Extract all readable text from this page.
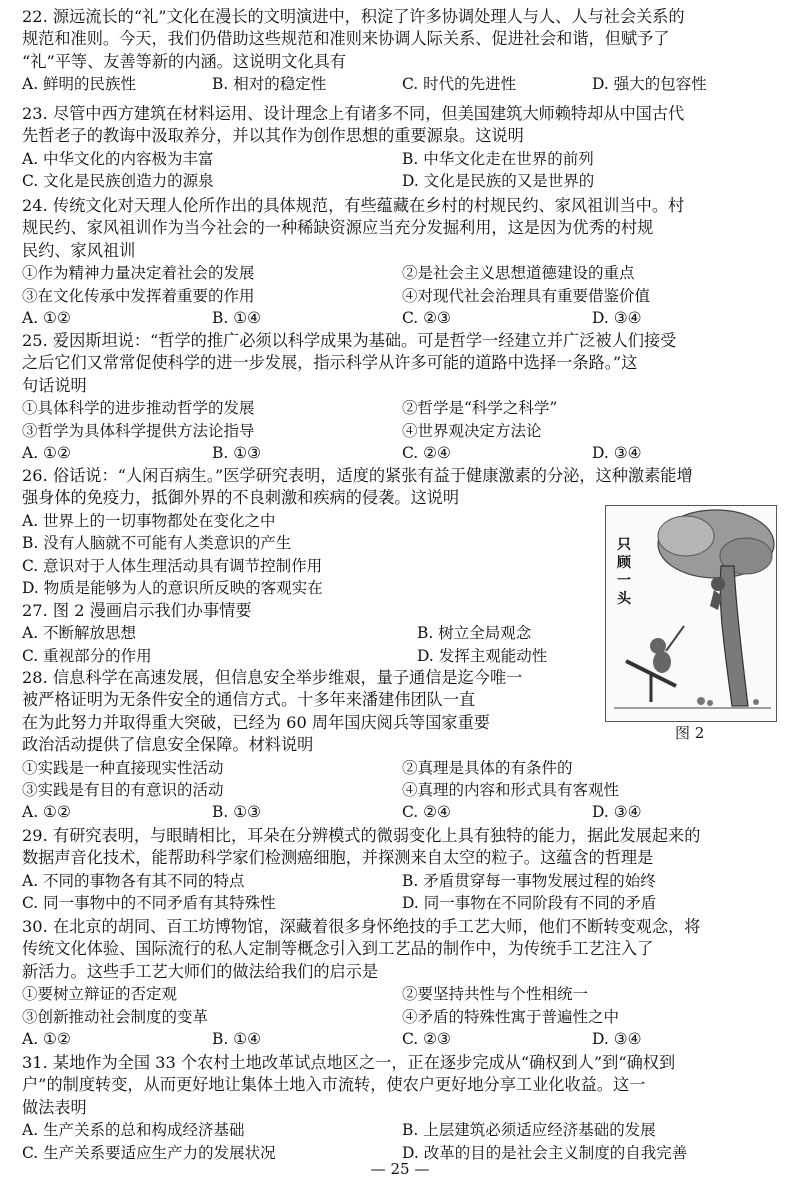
22. 源远流长的“礼”文化在漫长的文明演进中，积淀了许多协调处理人与人、人与社会关系的
规范和准则。今天，我们仍借助这些规范和准则来协调人际关系、促进社会和谐，但赋予了
“礼”平等、友善等新的内涵。这说明文化具有
A. 鲜明的民族性	B. 相对的稳定性	C. 时代的先进性	D. 强大的包容性
23. 尽管中西方建筑在材料运用、设计理念上有诸多不同，但美国建筑大师赖特却从中国古代
先哲老子的教诲中汲取养分，并以其作为创作思想的重要源泉。这说明
A. 中华文化的内容极为丰富	B. 中华文化走在世界的前列
C. 文化是民族创造力的源泉	D. 文化是民族的又是世界的
24. 传统文化对天理人伦所作出的具体规范，有些蕴藏在乡村的村规民约、家风祖训当中。村
规民约、家风祖训作为当今社会的一种稀缺资源应当充分发掘利用，这是因为优秀的村规
民约、家风祖训
①作为精神力量决定着社会的发展	②是社会主义思想道德建设的重点
③在文化传承中发挥着重要的作用	④对现代社会治理具有重要借鉴价值
A. ①②	B. ①④	C. ②③	D. ③④
25. 爱因斯坦说：“哲学的推广必须以科学成果为基础。可是哲学一经建立并广泛被人们接受
之后它们又常常促使科学的进一步发展，指示科学从许多可能的道路中选择一条路。”这
句话说明
①具体科学的进步推动哲学的发展	②哲学是“科学之科学”
③哲学为具体科学提供方法论指导	④世界观决定方法论
A. ①②	B. ①③	C. ②④	D. ③④
26. 俗话说：“人闲百病生。”医学研究表明，适度的紧张有益于健康激素的分泌，这种激素能增
强身体的免疫力，抵御外界的不良刺激和疾病的侵袭。这说明
A. 世界上的一切事物都处在变化之中
B. 没有人脑就不可能有人类意识的产生
C. 意识对于人体生理活动具有调节控制作用
D. 物质是能够为人的意识所反映的客观实在
27. 图 2 漫画启示我们办事情要
A. 不断解放思想	B. 树立全局观念
C. 重视部分的作用	D. 发挥主观能动性
28. 信息科学在高速发展，但信息安全举步维艰，量子通信是迄今唯一
被严格证明为无条件安全的通信方式。十多年来潘建伟团队一直
在为此努力并取得重大突破，已经为 60 周年国庆阅兵等国家重要
政治活动提供了信息安全保障。材料说明
①实践是一种直接现实性活动	②真理是具体的有条件的
③实践是有目的有意识的活动	④真理的内容和形式具有客观性
A. ①②	B. ①③	C. ②④	D. ③④
只
顾
一
头
图 2
29. 有研究表明，与眼睛相比，耳朵在分辨模式的微弱变化上具有独特的能力，据此发展起来的
数据声音化技术，能帮助科学家们检测癌细胞，并探测来自太空的粒子。这蕴含的哲理是
A. 不同的事物各有其不同的特点	B. 矛盾贯穿每一事物发展过程的始终
C. 同一事物中的不同矛盾有其特殊性	D. 同一事物在不同阶段有不同的矛盾
30. 在北京的胡同、百工坊博物馆，深藏着很多身怀绝技的手工艺大师，他们不断转变观念，将
传统文化体验、国际流行的私人定制等概念引入到工艺品的制作中，为传统手工艺注入了
新活力。这些手工艺大师们的做法给我们的启示是
①要树立辩证的否定观	②要坚持共性与个性相统一
③创新推动社会制度的变革	④矛盾的特殊性寓于普遍性之中
A. ①②	B. ①④	C. ②③	D. ③④
31. 某地作为全国 33 个农村土地改革试点地区之一，正在逐步完成从“确权到人”到“确权到
户”的制度转变，从而更好地让集体土地入市流转，使农户更好地分享工业化收益。这一
做法表明
A. 生产关系的总和构成经济基础	B. 上层建筑必须适应经济基础的发展
C. 生产关系要适应生产力的发展状况	D. 改革的目的是社会主义制度的自我完善
— 25 —
